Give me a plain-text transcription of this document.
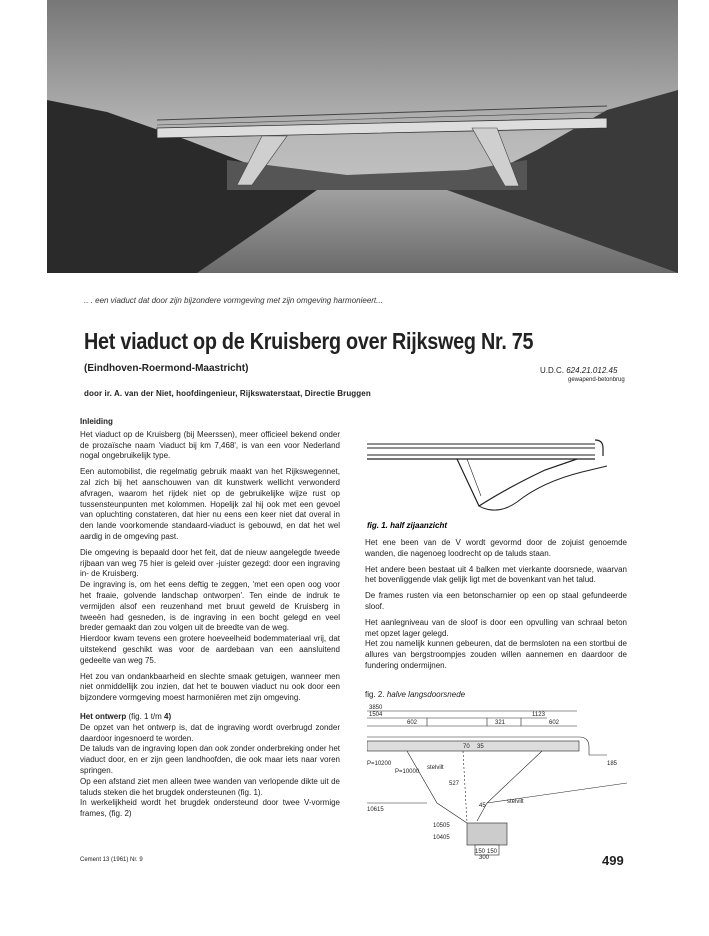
.. . een viaduct dat door zijn bijzondere vormgeving met zijn omgeving harmonieert...
Het viaduct op de Kruisberg over Rijksweg Nr. 75
(Eindhoven-Roermond-Maastricht)	U.D.C. 624.21.012.45
gewapend-betonbrug
door ir. A. van der Niet, hoofdingenieur, Rijkswaterstaat, Directie Bruggen

Inleiding

Het viaduct op de Kruisberg (bij Meerssen), meer officieel bekend onder de prozaïsche naam 'viaduct bij km 7,468', is van een voor Nederland nogal ongebruikelijk type.

Een automobilist, die regelmatig gebruik maakt van het Rijkswegennet, zal zich bij het aanschouwen van dit kunstwerk wellicht verwonderd afvragen, waarom het rijdek niet op de gebruikelijke wijze rust op tussensteunpunten met kolommen. Hopelijk zal hij ook met een gevoel van opluchting constateren, dat hier nu eens een keer niet dat overal in den lande voorkomende standaard-viaduct is gebouwd, en dat het wel aardig in de omgeving past.

Die omgeving is bepaald door het feit, dat de nieuw aangelegde tweede rijbaan van weg 75 hier is geleid over -juister gezegd: door een ingraving in- de Kruisberg.

De ingraving is, om het eens deftig te zeggen, 'met een open oog voor het fraaie, golvende landschap ontworpen'. Ten einde de indruk te vermijden alsof een reuzenhand met bruut geweld de Kruisberg in tweeën had gesneden, is de ingraving in een bocht gelegd en veel breder gemaakt dan zou volgen uit de breedte van de weg.

Hierdoor kwam tevens een grotere hoeveelheid bodemmateriaal vrij, dat uitstekend geschikt was voor de aardebaan van een aansluitend gedeelte van weg 75.

Het zou van ondankbaarheid en slechte smaak getuigen, wanneer men niet onmiddellijk zou inzien, dat het te bouwen viaduct nu ook door een bijzondere vormgeving moest harmoniëren met zijn omgeving.

Het ontwerp (fig. 1 t/m 4)

De opzet van het ontwerp is, dat de ingraving wordt overbrugd zonder daardoor ingesnoerd te worden.

De taluds van de ingraving lopen dan ook zonder onderbreking onder het viaduct door, en er zijn geen landhoofden, die ook maar iets naar voren springen.

Op een afstand ziet men alleen twee wanden van verlopende dikte uit de taluds steken die het brugdek ondersteunen (fig. 1).

In werkelijkheid wordt het brugdek ondersteund door twee V-vormige frames, (fig. 2)

fig. 1. half zijaanzicht

Het ene been van de V wordt gevormd door de zojuist genoemde wanden, die nagenoeg loodrecht op de taluds staan.

Het andere been bestaat uit 4 balken met vierkante doorsnede, waarvan het bovenliggende vlak gelijk ligt met de bovenkant van het talud.

De frames rusten via een betonscharnier op een op staal gefundeerde sloof.

Het aanlegniveau van de sloof is door een opvulling van schraal beton met opzet lager gelegd.

Het zou namelijk kunnen gebeuren, dat de bermsloten na een stortbui de allures van bergstroompjes zouden willen aannemen en daardoor de fundering ondermijnen.

fig. 2. halve langsdoorsnede
3850
1504	1123
602	321	602
70 35
P=10200
P=10000
stelvilt
stelvilt
527
10615
10505
10405
150 150
300
185
45
Cement 13 (1961) Nr. 9	499
